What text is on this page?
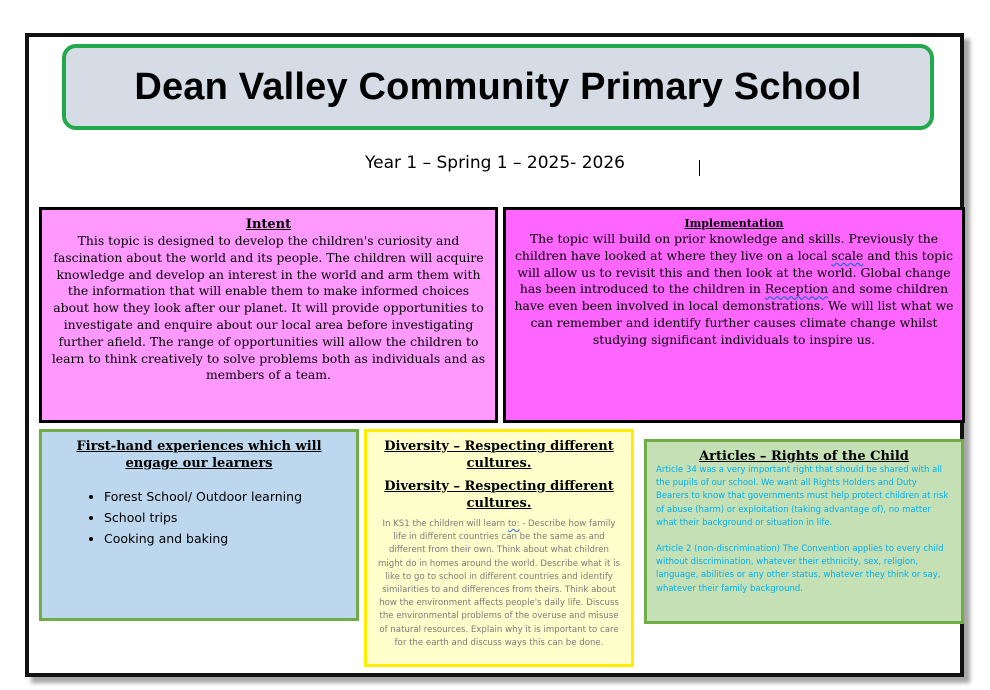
Dean Valley Community Primary School

Year 1 – Spring 1 – 2025- 2026

Intent

This topic is designed to develop the children's curiosity and fascination about the world and its people. The children will acquire knowledge and develop an interest in the world and arm them with the information that will enable them to make informed choices about how they look after our planet. It will provide opportunities to investigate and enquire about our local area before investigating further afield. The range of opportunities will allow the children to learn to think creatively to solve problems both as individuals and as members of a team.

Implementation

The topic will build on prior knowledge and skills. Previously the children have looked at where they live on a local scale and this topic will allow us to revisit this and then look at the world. Global change has been introduced to the children in Reception and some children have even been involved in local demonstrations. We will list what we can remember and identify further causes climate change whilst studying significant individuals to inspire us.

First-hand experiences which will engage our learners

• Forest School/ Outdoor learning
• School trips
• Cooking and baking

Diversity – Respecting different cultures.

Diversity – Respecting different cultures.

In KS1 the children will learn to: - Describe how family life in different countries can be the same as and different from their own. Think about what children might do in homes around the world. Describe what it is like to go to school in different countries and identify similarities to and differences from theirs. Think about how the environment affects people's daily life. Discuss the environmental problems of the overuse and misuse of natural resources. Explain why it is important to care for the earth and discuss ways this can be done.

Articles – Rights of the Child

Article 34 was a very important right that should be shared with all the pupils of our school. We want all Rights Holders and Duty Bearers to know that governments must help protect children at risk of abuse (harm) or exploitation (taking advantage of), no matter what their background or situation in life.

Article 2 (non-discrimination) The Convention applies to every child without discrimination, whatever their ethnicity, sex, religion, language, abilities or any other status, whatever they think or say, whatever their family background.
